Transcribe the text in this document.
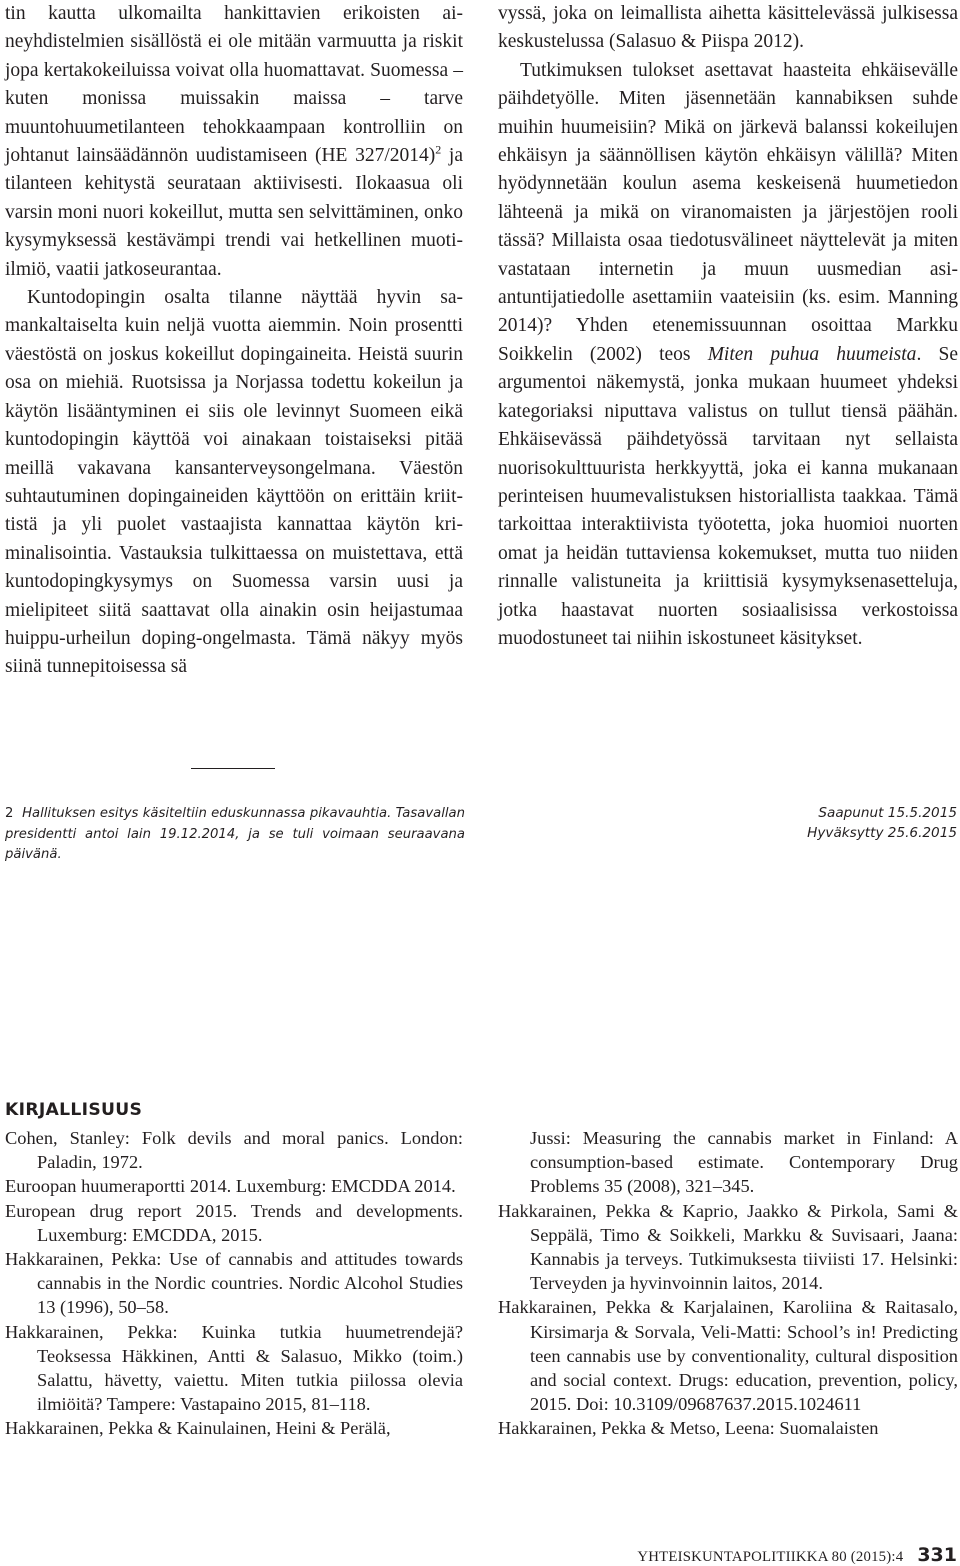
tin kautta ulkomailta hankittavien erikoisten aineyhdistelmien sisällöstä ei ole mitään varmuutta ja riskit jopa kertakokeiluissa voivat olla huomattavat. Suomessa – kuten monissa muissakin maissa – tarve muuntohuumetilanteen tehokkaampaan kontrolliin on johtanut lainsäädännön uudistamiseen (HE 327/2014)$^2$ ja tilanteen kehitystä seurataan aktiivisesti. Ilokaasua oli varsin moni nuori kokeillut, mutta sen selvittäminen, onko kysymyksessä kestävämpi trendi vai hetkellinen muoti-ilmiö, vaatii jatkoseurantaa.

Kuntodopingin osalta tilanne näyttää hyvin samankaltaiselta kuin neljä vuotta aiemmin. Noin prosentti väestöstä on joskus kokeillut dopingaineita. Heistä suurin osa on miehiä. Ruotsissa ja Norjassa todettu kokeilun ja käytön lisääntyminen ei siis ole levinnyt Suomeen eikä kuntodopingin käyttöä voi ainakaan toistaiseksi pitää meillä vakavana kansanterveysongelmana. Väestön suhtautuminen dopingaineiden käyttöön on erittäin kriittistä ja yli puolet vastaajista kannattaa käytön kriminalisointia. Vastauksia tulkittaessa on muistettava, että kuntodopingkysymys on Suomessa varsin uusi ja mielipiteet siitä saattavat olla ainakin osin heijastumaa huippu-urheilun doping-ongelmasta. Tämä näkyy myös siinä tunnepitoisessa sä

vyssä, joka on leimallista aihetta käsittelevässä julkisessa keskustelussa (Salasuo & Piispa 2012).

Tutkimuksen tulokset asettavat haasteita ehkäisevälle päihdetyölle. Miten jäsennetään kannabiksen suhde muihin huumeisiin? Mikä on järkevä balanssi kokeilujen ehkäisyn ja säännöllisen käytön ehkäisyn välillä? Miten hyödynnetään koulun asema keskeisenä huumetiedon lähteenä ja mikä on viranomaisten ja järjestöjen rooli tässä? Millaista osaa tiedotusvälineet näyttelevät ja miten vastataan internetin ja muun uusmedian asiantuntijatiedolle asettamiin vaateisiin (ks. esim. Manning 2014)? Yhden etenemissuunnan osoittaa Markku Soikkelin (2002) teos Miten puhua huumeista. Se argumentoi näkemystä, jonka mukaan huumeet yhdeksi kategoriaksi niputtava valistus on tullut tiensä päähän. Ehkäisevässä päihdetyössä tarvitaan nyt sellaista nuorisokulttuurista herkkyyttä, joka ei kanna mukanaan perinteisen huumevalistuksen historiallista taakkaa. Tämä tarkoittaa interaktiivista työotetta, joka huomioi nuorten omat ja heidän tuttaviensa kokemukset, mutta tuo niiden rinnalle valistuneita ja kriittisiä kysymyksenasetteluja, jotka haastavat nuorten sosiaalisissa verkostoissa muodostuneet tai niihin iskostuneet käsitykset.

2 Hallituksen esitys käsiteltiin eduskunnassa pikavauhtia. Tasavallan presidentti antoi lain 19.12.2014, ja se tuli voimaan seuraavana päivänä.
Saapunut 15.5.2015
Hyväksytty 25.6.2015
KIRJALLISUUS

Cohen, Stanley: Folk devils and moral panics. London: Paladin, 1972.

Euroopan huumeraportti 2014. Luxemburg: EMCDDA 2014.

European drug report 2015. Trends and developments. Luxemburg: EMCDDA, 2015.

Hakkarainen, Pekka: Use of cannabis and attitudes towards cannabis in the Nordic countries. Nordic Alcohol Studies 13 (1996), 50–58.

Hakkarainen, Pekka: Kuinka tutkia huumetrendejä? Teoksessa Häkkinen, Antti & Salasuo, Mikko (toim.) Salattu, hävetty, vaiettu. Miten tutkia piilossa olevia ilmiöitä? Tampere: Vastapaino 2015, 81–118.

Hakkarainen, Pekka & Kainulainen, Heini & Perälä,

Jussi: Measuring the cannabis market in Finland: A consumption-based estimate. Contemporary Drug Problems 35 (2008), 321–345.

Hakkarainen, Pekka & Kaprio, Jaakko & Pirkola, Sami & Seppälä, Timo & Soikkeli, Markku & Suvisaari, Jaana: Kannabis ja terveys. Tutkimuksesta tiiviisti 17. Helsinki: Terveyden ja hyvinvoinnin laitos, 2014.

Hakkarainen, Pekka & Karjalainen, Karoliina & Raitasalo, Kirsimarja & Sorvala, Veli-Matti: School’s in! Predicting teen cannabis use by conventionality, cultural disposition and social context. Drugs: education, prevention, policy, 2015. Doi: 10.3109/09687637.2015.1024611

Hakkarainen, Pekka & Metso, Leena: Suomalaisten

YHTEISKUNTAPOLITIIKKA 80 (2015):4 331
